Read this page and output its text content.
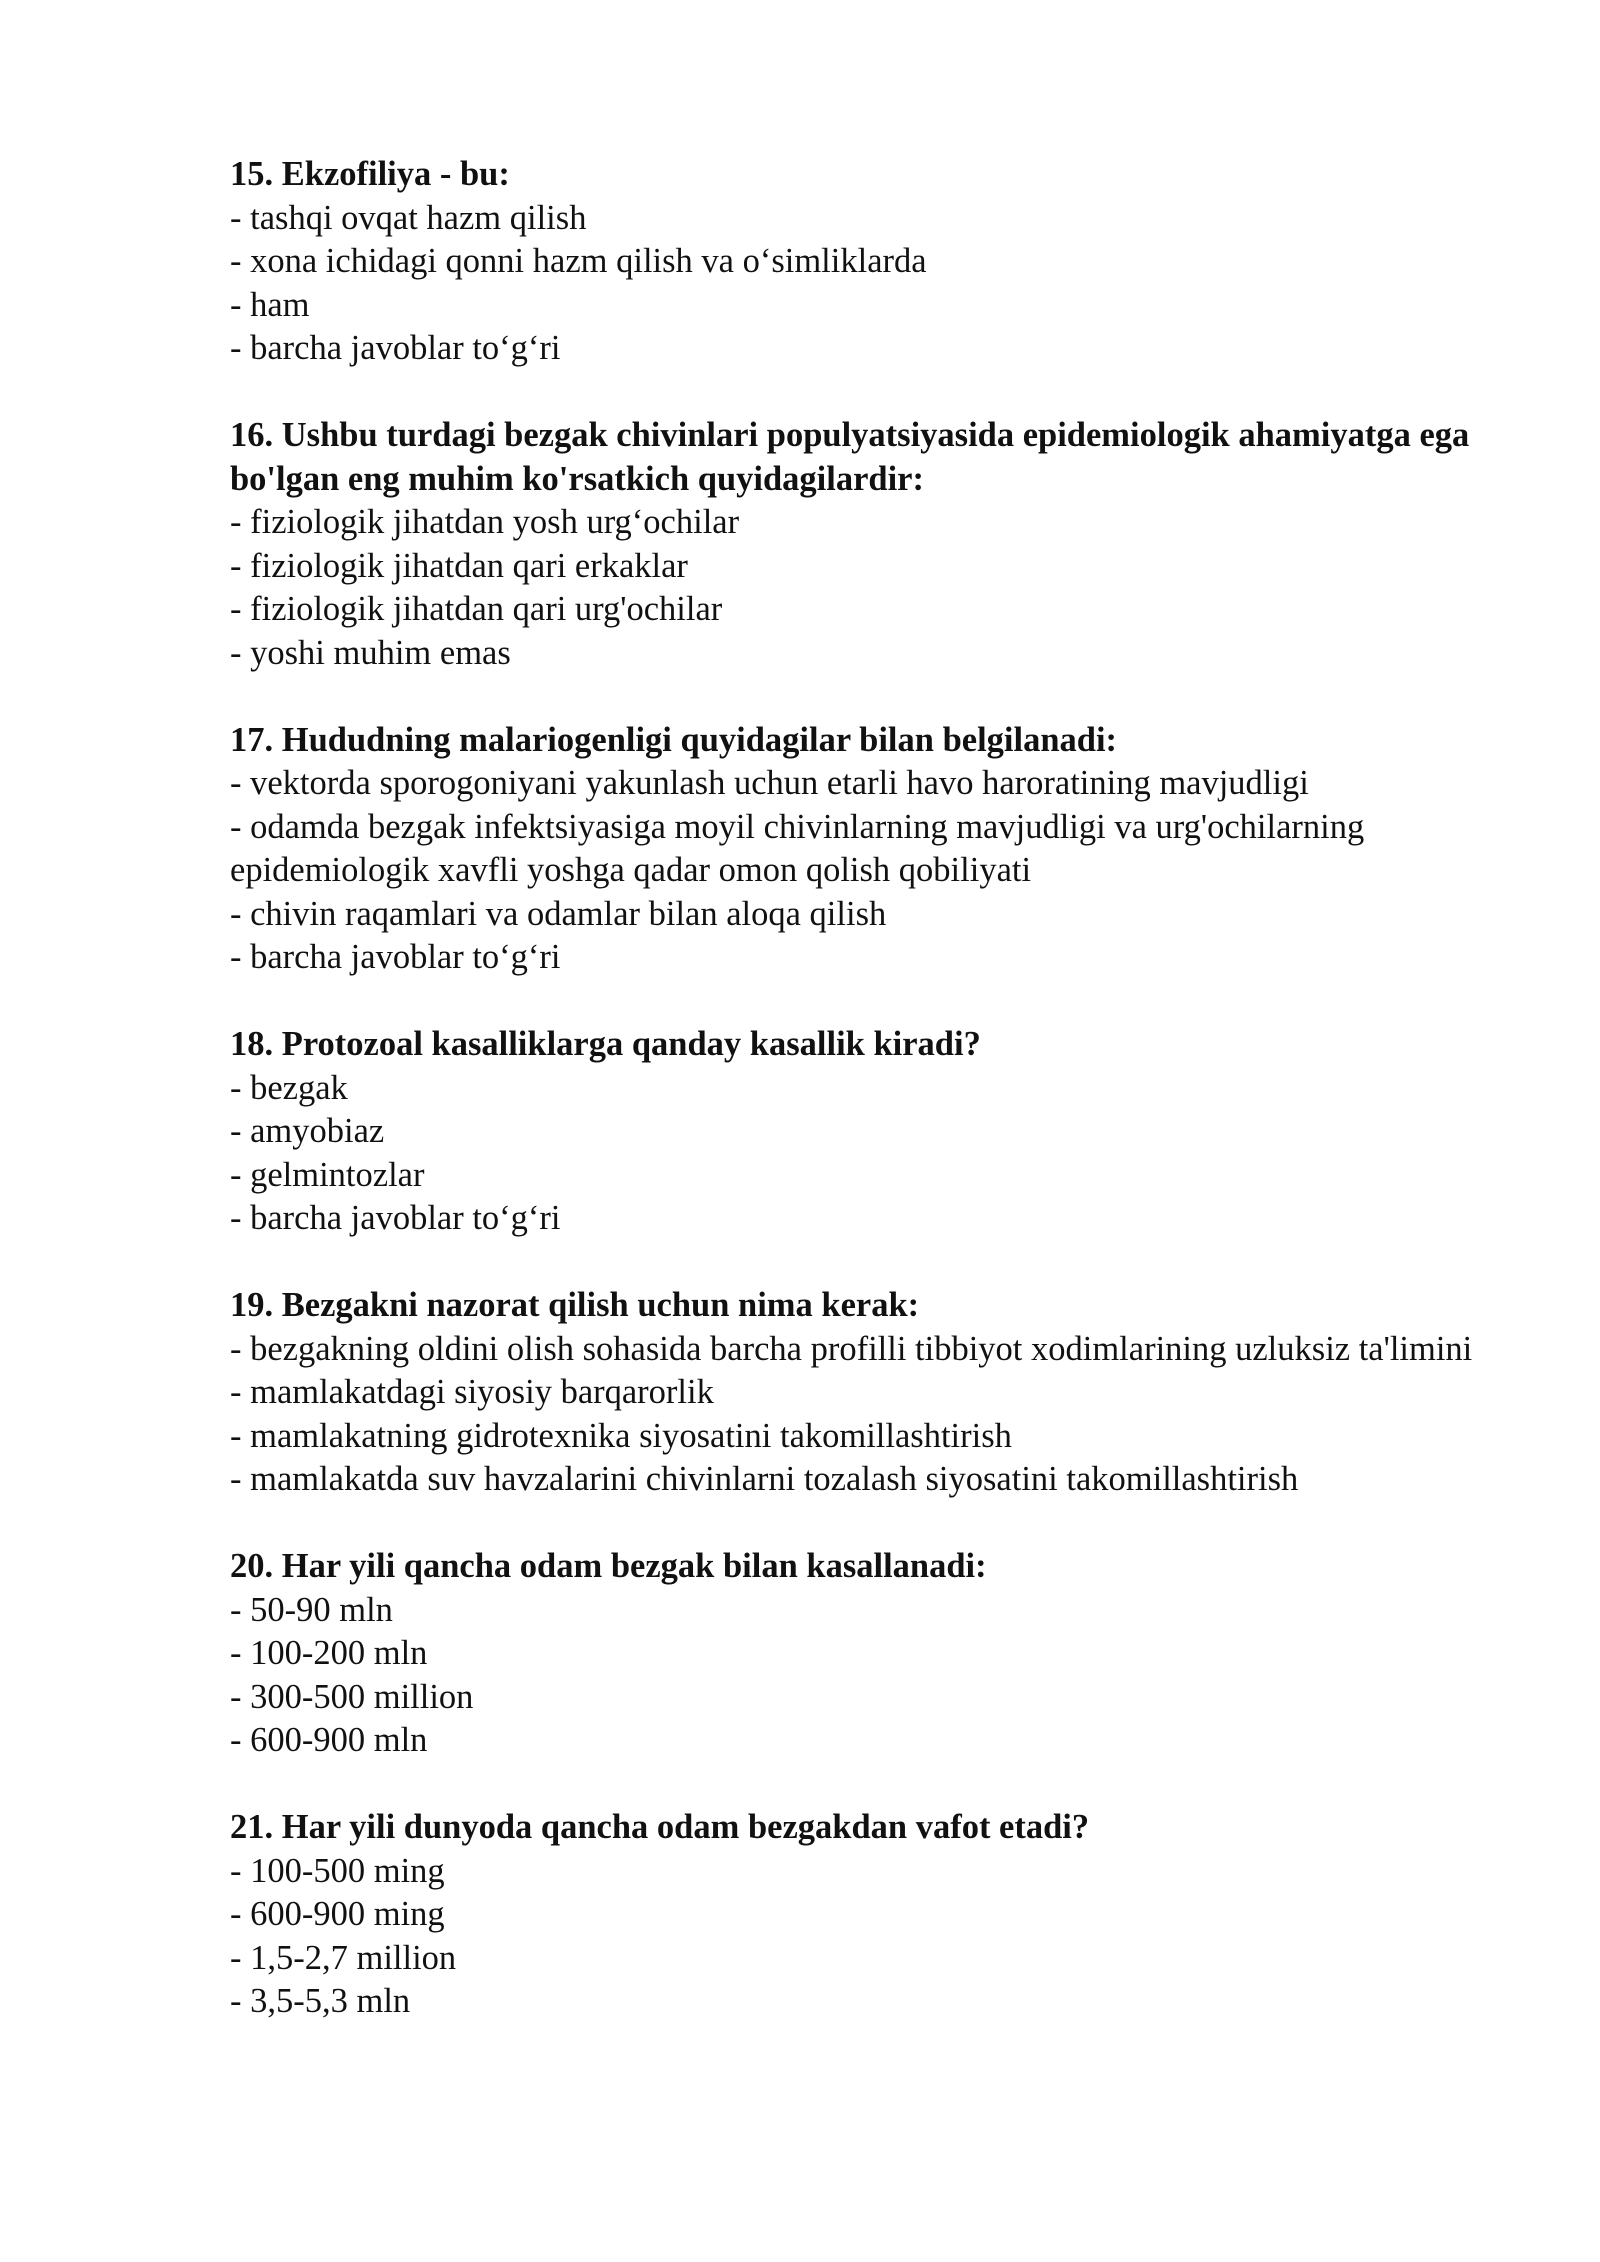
15. Ekzofiliya - bu:

- tashqi ovqat hazm qilish

- xona ichidagi qonni hazm qilish va o‘simliklarda

- ham

- barcha javoblar to‘g‘ri

16. Ushbu turdagi bezgak chivinlari populyatsiyasida epidemiologik ahamiyatga ega bo'lgan eng muhim ko'rsatkich quyidagilardir:

- fiziologik jihatdan yosh urg‘ochilar

- fiziologik jihatdan qari erkaklar

- fiziologik jihatdan qari urg'ochilar

- yoshi muhim emas

17. Hududning malariogenligi quyidagilar bilan belgilanadi:

- vektorda sporogoniyani yakunlash uchun etarli havo haroratining mavjudligi

- odamda bezgak infektsiyasiga moyil chivinlarning mavjudligi va urg'ochilarning epidemiologik xavfli yoshga qadar omon qolish qobiliyati

- chivin raqamlari va odamlar bilan aloqa qilish

- barcha javoblar to‘g‘ri

18. Protozoal kasalliklarga qanday kasallik kiradi?

- bezgak

- amyobiaz

- gelmintozlar

- barcha javoblar to‘g‘ri

19. Bezgakni nazorat qilish uchun nima kerak:

- bezgakning oldini olish sohasida barcha profilli tibbiyot xodimlarining uzluksiz ta'limini

- mamlakatdagi siyosiy barqarorlik

- mamlakatning gidrotexnika siyosatini takomillashtirish

- mamlakatda suv havzalarini chivinlarni tozalash siyosatini takomillashtirish

20. Har yili qancha odam bezgak bilan kasallanadi:

- 50-90 mln

- 100-200 mln

- 300-500 million

- 600-900 mln

21. Har yili dunyoda qancha odam bezgakdan vafot etadi?

- 100-500 ming

- 600-900 ming

- 1,5-2,7 million

- 3,5-5,3 mln
